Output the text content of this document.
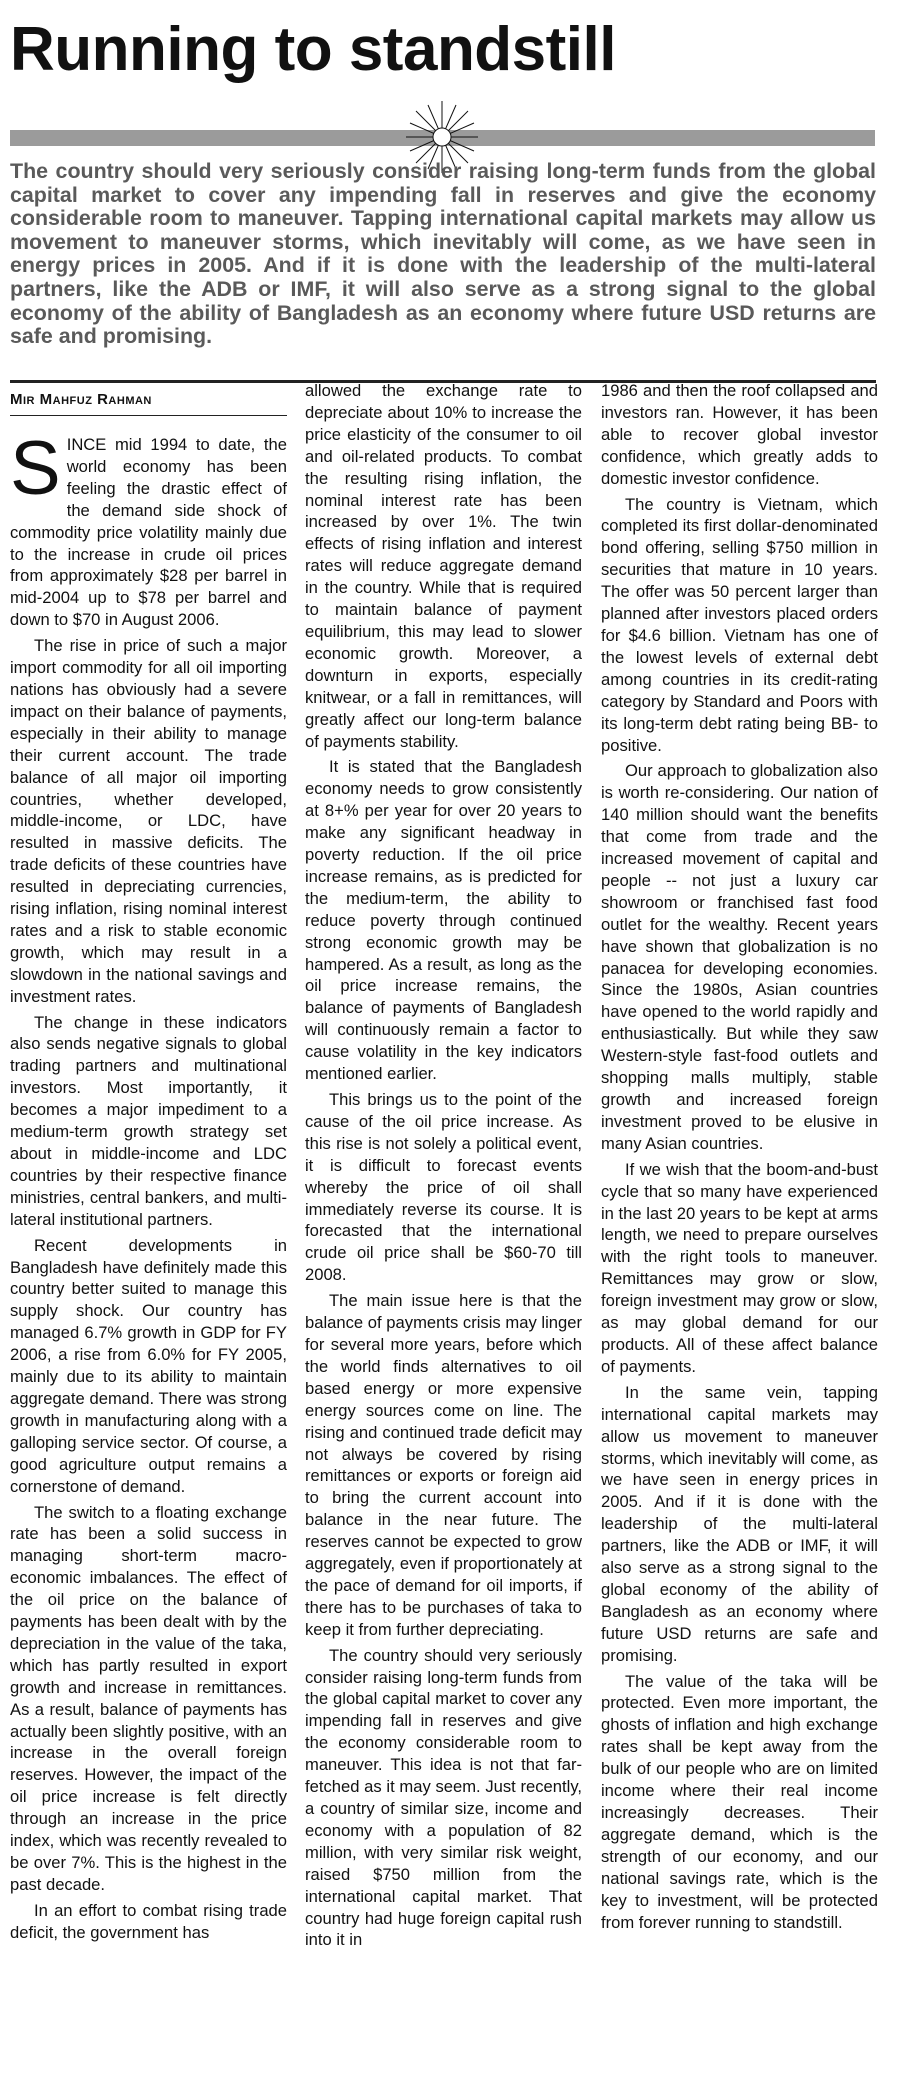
Running to standstill

The country should very seriously consider raising long-term funds from the global capital market to cover any impending fall in reserves and give the economy considerable room to maneuver. Tapping international capital markets may allow us movement to maneuver storms, which inevitably will come, as we have seen in energy prices in 2005. And if it is done with the leadership of the multi-lateral partners, like the ADB or IMF, it will also serve as a strong signal to the global economy of the ability of Bangladesh as an economy where future USD returns are safe and promising.

Mir Mahfuz Rahman

SINCE mid 1994 to date, the world economy has been feeling the drastic effect of the demand side shock of commodity price volatility mainly due to the increase in crude oil prices from approximately $28 per barrel in mid-2004 up to $78 per barrel and down to $70 in August 2006.

The rise in price of such a major import commodity for all oil importing nations has obviously had a severe impact on their balance of payments, especially in their ability to manage their current account. The trade balance of all major oil importing countries, whether developed, middle-income, or LDC, have resulted in massive deficits. The trade deficits of these countries have resulted in depreciating currencies, rising inflation, rising nominal interest rates and a risk to stable economic growth, which may result in a slowdown in the national savings and investment rates.

The change in these indicators also sends negative signals to global trading partners and multinational investors. Most importantly, it becomes a major impediment to a medium-term growth strategy set about in middle-income and LDC countries by their respective finance ministries, central bankers, and multi-lateral institutional partners.

Recent developments in Bangladesh have definitely made this country better suited to manage this supply shock. Our country has managed 6.7% growth in GDP for FY 2006, a rise from 6.0% for FY 2005, mainly due to its ability to maintain aggregate demand. There was strong growth in manufacturing along with a galloping service sector. Of course, a good agriculture output remains a cornerstone of demand.

The switch to a floating exchange rate has been a solid success in managing short-term macro-economic imbalances. The effect of the oil price on the balance of payments has been dealt with by the depreciation in the value of the taka, which has partly resulted in export growth and increase in remittances. As a result, balance of payments has actually been slightly positive, with an increase in the overall foreign reserves. However, the impact of the oil price increase is felt directly through an increase in the price index, which was recently revealed to be over 7%. This is the highest in the past decade.

In an effort to combat rising trade deficit, the government has

allowed the exchange rate to depreciate about 10% to increase the price elasticity of the consumer to oil and oil-related products. To combat the resulting rising inflation, the nominal interest rate has been increased by over 1%. The twin effects of rising inflation and interest rates will reduce aggregate demand in the country. While that is required to maintain balance of payment equilibrium, this may lead to slower economic growth. Moreover, a downturn in exports, especially knitwear, or a fall in remittances, will greatly affect our long-term balance of payments stability.

It is stated that the Bangladesh economy needs to grow consistently at 8+% per year for over 20 years to make any significant headway in poverty reduction. If the oil price increase remains, as is predicted for the medium-term, the ability to reduce poverty through continued strong economic growth may be hampered. As a result, as long as the oil price increase remains, the balance of payments of Bangladesh will continuously remain a factor to cause volatility in the key indicators mentioned earlier.

This brings us to the point of the cause of the oil price increase. As this rise is not solely a political event, it is difficult to forecast events whereby the price of oil shall immediately reverse its course. It is forecasted that the international crude oil price shall be $60-70 till 2008.

The main issue here is that the balance of payments crisis may linger for several more years, before which the world finds alternatives to oil based energy or more expensive energy sources come on line. The rising and continued trade deficit may not always be covered by rising remittances or exports or foreign aid to bring the current account into balance in the near future. The reserves cannot be expected to grow aggregately, even if proportionately at the pace of demand for oil imports, if there has to be purchases of taka to keep it from further depreciating.

The country should very seriously consider raising long-term funds from the global capital market to cover any impending fall in reserves and give the economy considerable room to maneuver. This idea is not that far-fetched as it may seem. Just recently, a country of similar size, income and economy with a population of 82 million, with very similar risk weight, raised $750 million from the international capital market. That country had huge foreign capital rush into it in

1986 and then the roof collapsed and investors ran. However, it has been able to recover global investor confidence, which greatly adds to domestic investor confidence.

The country is Vietnam, which completed its first dollar-denominated bond offering, selling $750 million in securities that mature in 10 years. The offer was 50 percent larger than planned after investors placed orders for $4.6 billion. Vietnam has one of the lowest levels of external debt among countries in its credit-rating category by Standard and Poors with its long-term debt rating being BB- to positive.

Our approach to globalization also is worth re-considering. Our nation of 140 million should want the benefits that come from trade and the increased movement of capital and people -- not just a luxury car showroom or franchised fast food outlet for the wealthy. Recent years have shown that globalization is no panacea for developing economies. Since the 1980s, Asian countries have opened to the world rapidly and enthusiastically. But while they saw Western-style fast-food outlets and shopping malls multiply, stable growth and increased foreign investment proved to be elusive in many Asian countries.

If we wish that the boom-and-bust cycle that so many have experienced in the last 20 years to be kept at arms length, we need to prepare ourselves with the right tools to maneuver. Remittances may grow or slow, foreign investment may grow or slow, as may global demand for our products. All of these affect balance of payments.

In the same vein, tapping international capital markets may allow us movement to maneuver storms, which inevitably will come, as we have seen in energy prices in 2005. And if it is done with the leadership of the multi-lateral partners, like the ADB or IMF, it will also serve as a strong signal to the global economy of the ability of Bangladesh as an economy where future USD returns are safe and promising.

The value of the taka will be protected. Even more important, the ghosts of inflation and high exchange rates shall be kept away from the bulk of our people who are on limited income where their real income increasingly decreases. Their aggregate demand, which is the strength of our economy, and our national savings rate, which is the key to investment, will be protected from forever running to standstill.
